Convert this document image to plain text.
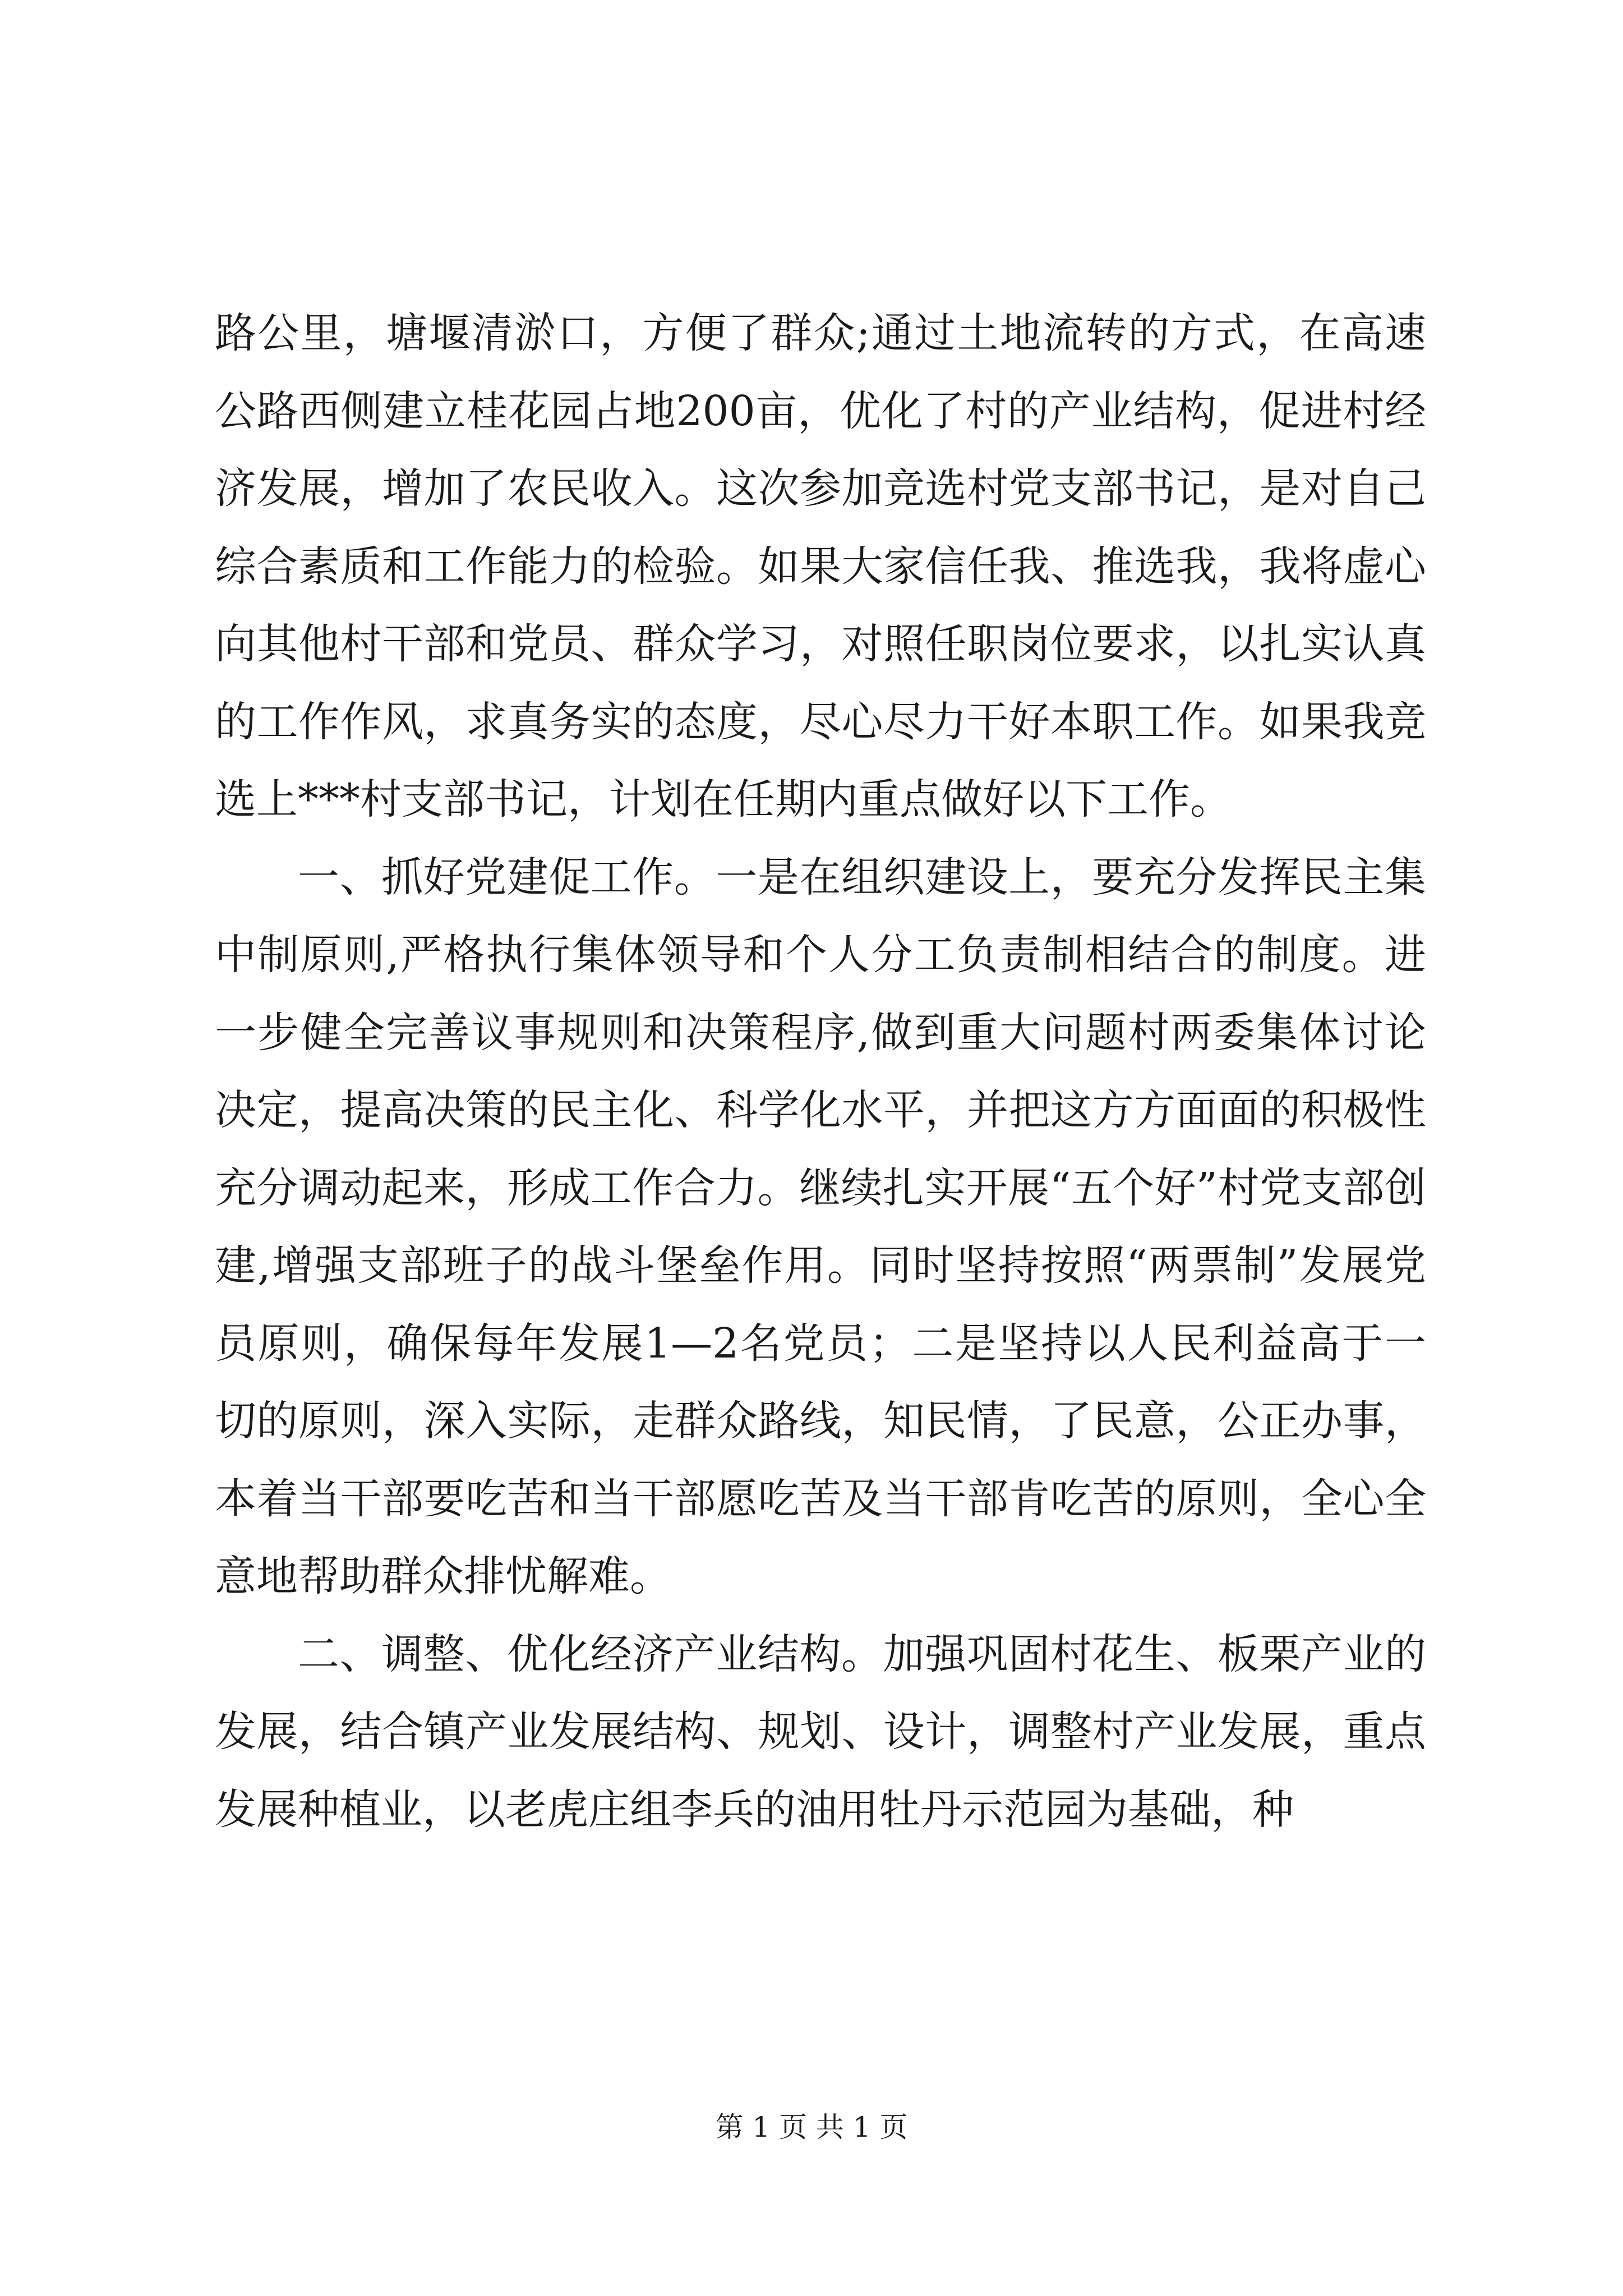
路公里，塘堰清淤口，方便了群众;通过土地流转的方式，在高速公路西侧建立桂花园占地200亩，优化了村的产业结构，促进村经济发展，增加了农民收入。这次参加竞选村党支部书记，是对自己综合素质和工作能力的检验。如果大家信任我、推选我，我将虚心向其他村干部和党员、群众学习，对照任职岗位要求，以扎实认真的工作作风，求真务实的态度，尽心尽力干好本职工作。如果我竞选上***村支部书记，计划在任期内重点做好以下工作。

一、抓好党建促工作。一是在组织建设上，要充分发挥民主集中制原则,严格执行集体领导和个人分工负责制相结合的制度。进一步健全完善议事规则和决策程序,做到重大问题村两委集体讨论决定，提高决策的民主化、科学化水平，并把这方方面面的积极性充分调动起来，形成工作合力。继续扎实开展“五个好”村党支部创建,增强支部班子的战斗堡垒作用。同时坚持按照“两票制”发展党员原则，确保每年发展1—2名党员；二是坚持以人民利益高于一切的原则，深入实际，走群众路线，知民情，了民意，公正办事，本着当干部要吃苦和当干部愿吃苦及当干部肯吃苦的原则，全心全意地帮助群众排忧解难。

二、调整、优化经济产业结构。加强巩固村花生、板栗产业的发展，结合镇产业发展结构、规划、设计，调整村产业发展，重点发展种植业，以老虎庄组李兵的油用牡丹示范园为基础，种

第 1 页 共 1 页
